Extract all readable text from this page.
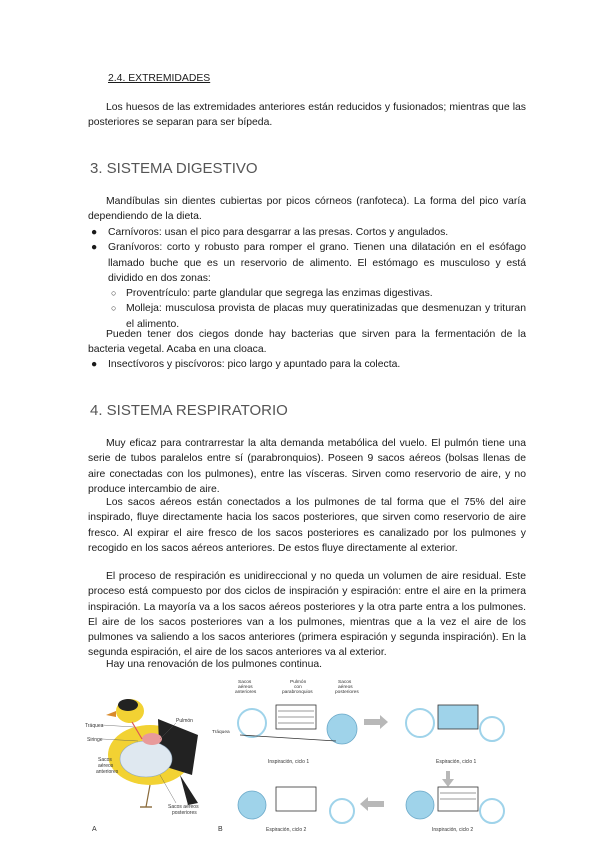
2.4. EXTREMIDADES

Los huesos de las extremidades anteriores están reducidos y fusionados; mientras que las posteriores se separan para ser bípeda.

3. SISTEMA DIGESTIVO

Mandíbulas sin dientes cubiertas por picos córneos (ranfoteca). La forma del pico varía dependiendo de la dieta.

● Carnívoros: usan el pico para desgarrar a las presas. Cortos y angulados.
● Granívoros: corto y robusto para romper el grano. Tienen una dilatación en el esófago llamado buche que es un reservorio de alimento. El estómago es musculoso y está dividido en dos zonas:
○ Proventrículo: parte glandular que segrega las enzimas digestivas.
○ Molleja: musculosa provista de placas muy queratinizadas que desmenuzan y trituran el alimento.

Pueden tener dos ciegos donde hay bacterias que sirven para la fermentación de la bacteria vegetal. Acaba en una cloaca.

● Insectívoros y piscívoros: pico largo y apuntado para la colecta.
4. SISTEMA RESPIRATORIO

Muy eficaz para contrarrestar la alta demanda metabólica del vuelo. El pulmón tiene una serie de tubos paralelos entre sí (parabronquios). Poseen 9 sacos aéreos (bolsas llenas de aire conectadas con los pulmones), entre las vísceras. Sirven como reservorio de aire, y no produce intercambio de aire.

Los sacos aéreos están conectados a los pulmones de tal forma que el 75% del aire inspirado, fluye directamente hacia los sacos posteriores, que sirven como reservorio de aire fresco. Al expirar el aire fresco de los sacos posteriores es canalizado por los pulmones y recogido en los sacos aéreos anteriores. De estos fluye directamente al exterior.

El proceso de respiración es unidireccional y no queda un volumen de aire residual. Este proceso está compuesto por dos ciclos de inspiración y espiración: entre el aire en la primera inspiración. La mayoría va a los sacos aéreos posteriores y la otra parte entra a los pulmones. El aire de los sacos posteriores van a los pulmones, mientras que a la vez el aire de los pulmones va saliendo a los sacos anteriores (primera espiración y segunda inspiración). En la segunda espiración, el aire de los sacos anteriores va al exterior.

Hay una renovación de los pulmones continua.

Tráquea
Siringe
Pulmón
Sacos
aéreos
anteriores
Sacos aéreos
posteriores
A
Inspiración, ciclo 1	Espiración, ciclo 1
Espiración, ciclo 2	Inspiración, ciclo 2
Sacos
aéreos
anteriores
Pulmón
con
parabronquios
Sacos
aéreos
posteriores
Tráquea
B
